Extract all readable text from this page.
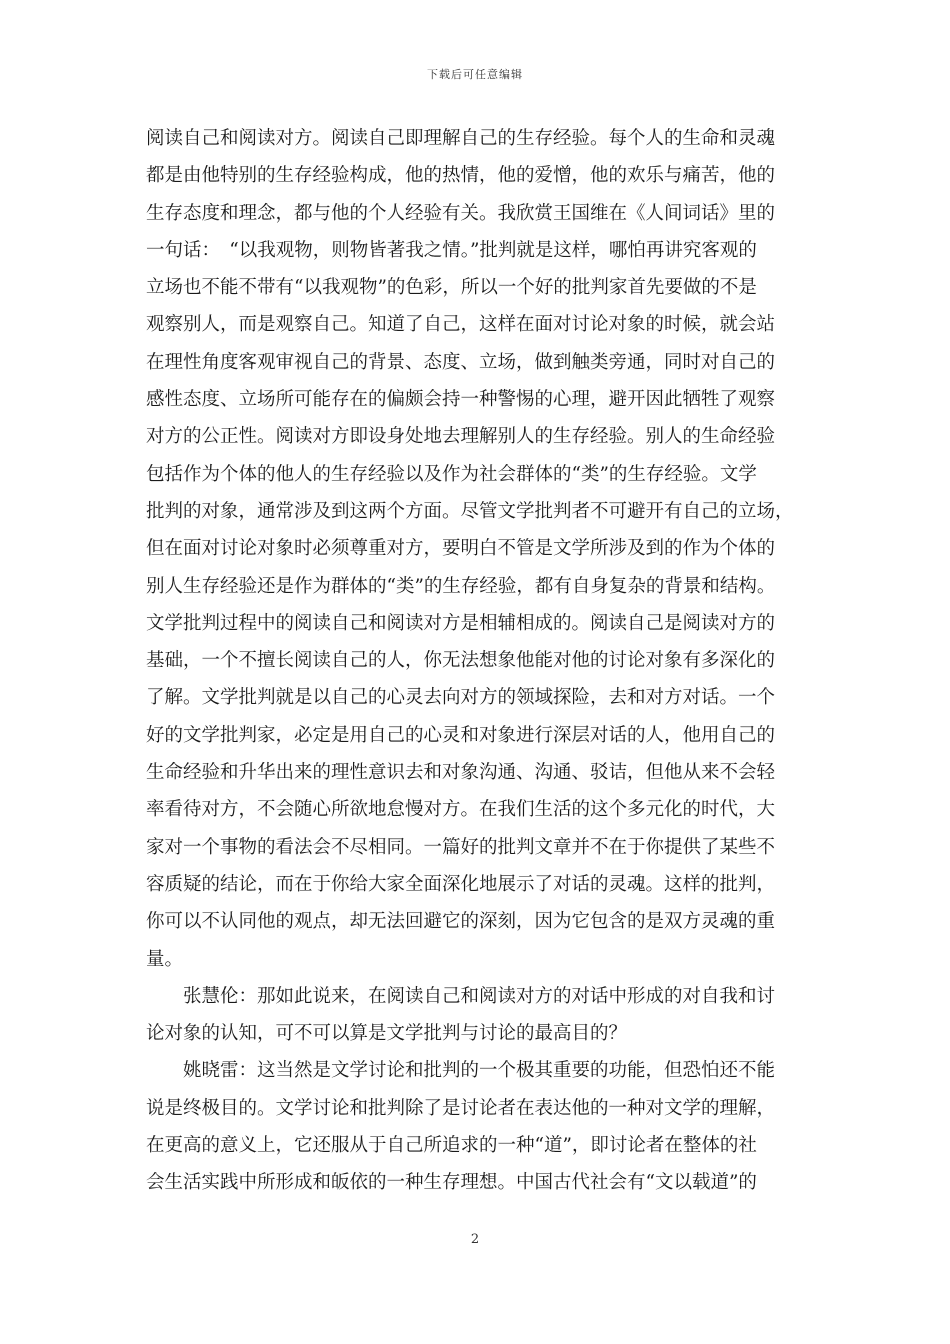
下载后可任意编辑
阅读自己和阅读对方。阅读自己即理解自己的生存经验。每个人的生命和灵魂
都是由他特别的生存经验构成，他的热情，他的爱憎，他的欢乐与痛苦，他的
生存态度和理念，都与他的个人经验有关。我欣赏王国维在《人间词话》里的
一句话：　“以我观物，则物皆著我之情。”批判就是这样，哪怕再讲究客观的
立场也不能不带有“以我观物”的色彩，所以一个好的批判家首先要做的不是
观察别人，而是观察自己。知道了自己，这样在面对讨论对象的时候，就会站
在理性角度客观审视自己的背景、态度、立场，做到触类旁通，同时对自己的
感性态度、立场所可能存在的偏颇会持一种警惕的心理，避开因此牺牲了观察
对方的公正性。阅读对方即设身处地去理解别人的生存经验。别人的生命经验
包括作为个体的他人的生存经验以及作为社会群体的“类”的生存经验。文学
批判的对象，通常涉及到这两个方面。尽管文学批判者不可避开有自己的立场，
但在面对讨论对象时必须尊重对方，要明白不管是文学所涉及到的作为个体的
别人生存经验还是作为群体的“类”的生存经验，都有自身复杂的背景和结构。
文学批判过程中的阅读自己和阅读对方是相辅相成的。阅读自己是阅读对方的
基础，一个不擅长阅读自己的人，你无法想象他能对他的讨论对象有多深化的
了解。文学批判就是以自己的心灵去向对方的领域探险，去和对方对话。一个
好的文学批判家，必定是用自己的心灵和对象进行深层对话的人，他用自己的
生命经验和升华出来的理性意识去和对象沟通、沟通、驳诘，但他从来不会轻
率看待对方，不会随心所欲地怠慢对方。在我们生活的这个多元化的时代，大
家对一个事物的看法会不尽相同。一篇好的批判文章并不在于你提供了某些不
容质疑的结论，而在于你给大家全面深化地展示了对话的灵魂。这样的批判，
你可以不认同他的观点，却无法回避它的深刻，因为它包含的是双方灵魂的重
量。
张慧伦：那如此说来，在阅读自己和阅读对方的对话中形成的对自我和讨
论对象的认知，可不可以算是文学批判与讨论的最高目的？
姚晓雷：这当然是文学讨论和批判的一个极其重要的功能，但恐怕还不能
说是终极目的。文学讨论和批判除了是讨论者在表达他的一种对文学的理解，
在更高的意义上，它还服从于自己所追求的一种“道”，即讨论者在整体的社
会生活实践中所形成和皈依的一种生存理想。中国古代社会有“文以载道”的
2
